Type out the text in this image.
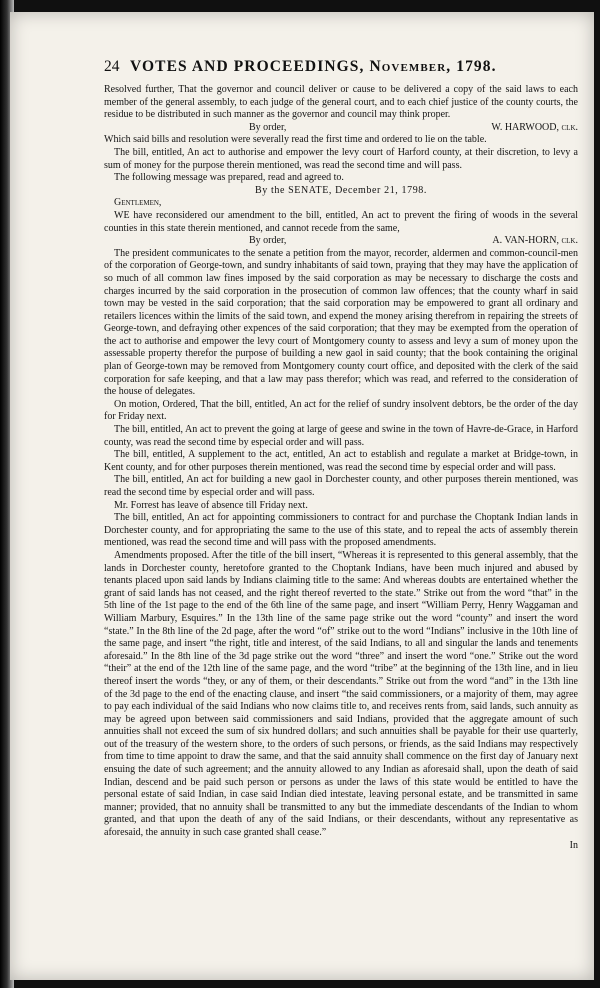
24 VOTES AND PROCEEDINGS, November, 1798.

Resolved further, That the governor and council deliver or cause to be delivered a copy of the said laws to each member of the general assembly, to each judge of the general court, and to each chief justice of the county courts, the residue to be distributed in such manner as the governor and council may think proper.

By order,	W. HARWOOD, clk.

Which said bills and resolution were severally read the first time and ordered to lie on the table.

The bill, entitled, An act to authorise and empower the levy court of Harford county, at their discretion, to levy a sum of money for the purpose therein mentioned, was read the second time and will pass.

The following message was prepared, read and agreed to.

By the SENATE, December 21, 1798.

Gentlemen,

WE have reconsidered our amendment to the bill, entitled, An act to prevent the firing of woods in the several counties in this state therein mentioned, and cannot recede from the same,

By order,	A. VAN-HORN, clk.

The president communicates to the senate a petition from the mayor, recorder, aldermen and common-council-men of the corporation of George-town, and sundry inhabitants of said town, praying that they may have the application of so much of all common law fines imposed by the said corporation as may be necessary to discharge the costs and charges incurred by the said corporation in the prosecution of common law offences; that the county wharf in said town may be vested in the said corporation; that the said corporation may be empowered to grant all ordinary and retailers licences within the limits of the said town, and expend the money arising therefrom in repairing the streets of George-town, and defraying other expences of the said corporation; that they may be exempted from the operation of the act to authorise and empower the levy court of Montgomery county to assess and levy a sum of money upon the assessable property therefor the purpose of building a new gaol in said county; that the book containing the original plan of George-town may be removed from Montgomery county court office, and deposited with the clerk of the said corporation for safe keeping, and that a law may pass therefor; which was read, and referred to the consideration of the house of delegates.

On motion, Ordered, That the bill, entitled, An act for the relief of sundry insolvent debtors, be the order of the day for Friday next.

The bill, entitled, An act to prevent the going at large of geese and swine in the town of Havre-de-Grace, in Harford county, was read the second time by especial order and will pass.

The bill, entitled, A supplement to the act, entitled, An act to establish and regulate a market at Bridge-town, in Kent county, and for other purposes therein mentioned, was read the second time by especial order and will pass.

The bill, entitled, An act for building a new gaol in Dorchester county, and other purposes therein mentioned, was read the second time by especial order and will pass.

Mr. Forrest has leave of absence till Friday next.

The bill, entitled, An act for appointing commissioners to contract for and purchase the Choptank Indian lands in Dorchester county, and for appropriating the same to the use of this state, and to repeal the acts of assembly therein mentioned, was read the second time and will pass with the proposed amendments.

Amendments proposed. After the title of the bill insert, “Whereas it is represented to this general assembly, that the lands in Dorchester county, heretofore granted to the Choptank Indians, have been much injured and abused by tenants placed upon said lands by Indians claiming title to the same: And whereas doubts are entertained whether the grant of said lands has not ceased, and the right thereof reverted to the state.” Strike out from the word “that” in the 5th line of the 1st page to the end of the 6th line of the same page, and insert “William Perry, Henry Waggaman and William Marbury, Esquires.” In the 13th line of the same page strike out the word “county” and insert the word “state.” In the 8th line of the 2d page, after the word “of” strike out to the word “Indians” inclusive in the 10th line of the same page, and insert “the right, title and interest, of the said Indians, to all and singular the lands and tenements aforesaid.” In the 8th line of the 3d page strike out the word “three” and insert the word “one.” Strike out the word “their” at the end of the 12th line of the same page, and the word “tribe” at the beginning of the 13th line, and in lieu thereof insert the words “they, or any of them, or their descendants.” Strike out from the word “and” in the 13th line of the 3d page to the end of the enacting clause, and insert “the said commissioners, or a majority of them, may agree to pay each individual of the said Indians who now claims title to, and receives rents from, said lands, such annuity as may be agreed upon between said commissioners and said Indians, provided that the aggregate amount of such annuities shall not exceed the sum of six hundred dollars; and such annuities shall be payable for their use quarterly, out of the treasury of the western shore, to the orders of such persons, or friends, as the said Indians may respectively from time to time appoint to draw the same, and that the said annuity shall commence on the first day of January next ensuing the date of such agreement; and the annuity allowed to any Indian as aforesaid shall, upon the death of said Indian, descend and be paid such person or persons as under the laws of this state would be entitled to have the personal estate of said Indian, in case said Indian died intestate, leaving personal estate, and be transmitted in same manner; provided, that no annuity shall be transmitted to any but the immediate descendants of the Indian to whom granted, and that upon the death of any of the said Indians, or their descendants, without any representative as aforesaid, the annuity in such case granted shall cease.”

In
